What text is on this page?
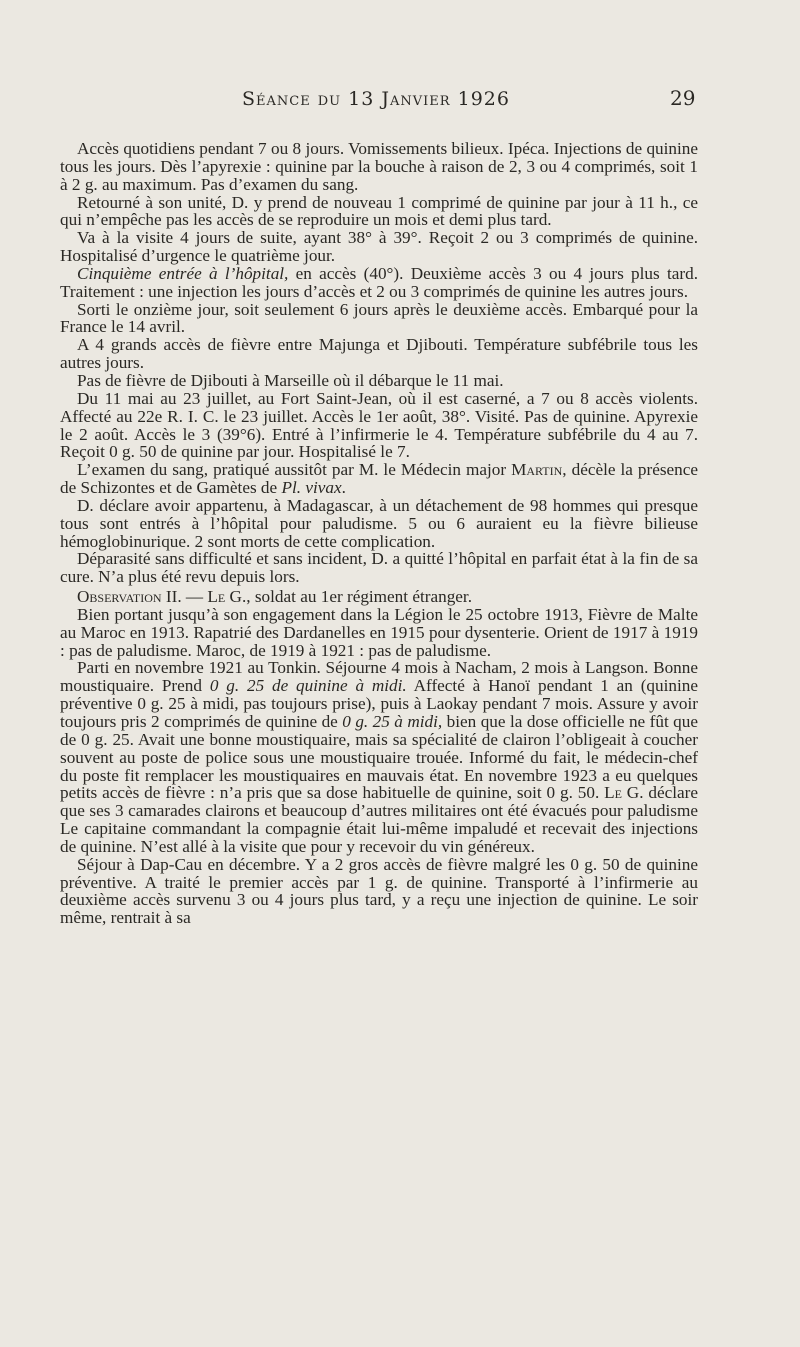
Séance du 13 Janvier 1926	29

Accès quotidiens pendant 7 ou 8 jours. Vomissements bilieux. Ipéca. Injections de quinine tous les jours. Dès l’apyrexie : quinine par la bouche à raison de 2, 3 ou 4 comprimés, soit 1 à 2 g. au maximum. Pas d’examen du sang.

Retourné à son unité, D. y prend de nouveau 1 comprimé de quinine par jour à 11 h., ce qui n’empêche pas les accès de se reproduire un mois et demi plus tard.

Va à la visite 4 jours de suite, ayant 38° à 39°. Reçoit 2 ou 3 comprimés de quinine. Hospitalisé d’urgence le quatrième jour.

Cinquième entrée à l’hôpital, en accès (40°). Deuxième accès 3 ou 4 jours plus tard. Traitement : une injection les jours d’accès et 2 ou 3 comprimés de quinine les autres jours.

Sorti le onzième jour, soit seulement 6 jours après le deuxième accès. Embarqué pour la France le 14 avril.

A 4 grands accès de fièvre entre Majunga et Djibouti. Température subfébrile tous les autres jours.

Pas de fièvre de Djibouti à Marseille où il débarque le 11 mai.

Du 11 mai au 23 juillet, au Fort Saint-Jean, où il est caserné, a 7 ou 8 accès violents. Affecté au 22e R. I. C. le 23 juillet. Accès le 1er août, 38°. Visité. Pas de quinine. Apyrexie le 2 août. Accès le 3 (39°6). Entré à l’infirmerie le 4. Température subfébrile du 4 au 7. Reçoit 0 g. 50 de quinine par jour. Hospitalisé le 7.

L’examen du sang, pratiqué aussitôt par M. le Médecin major Martin, décèle la présence de Schizontes et de Gamètes de Pl. vivax.

D. déclare avoir appartenu, à Madagascar, à un détachement de 98 hommes qui presque tous sont entrés à l’hôpital pour paludisme. 5 ou 6 auraient eu la fièvre bilieuse hémoglobinurique. 2 sont morts de cette complication.

Déparasité sans difficulté et sans incident, D. a quitté l’hôpital en parfait état à la fin de sa cure. N’a plus été revu depuis lors.

Observation II. — Le G., soldat au 1er régiment étranger.

Bien portant jusqu’à son engagement dans la Légion le 25 octobre 1913, Fièvre de Malte au Maroc en 1913. Rapatrié des Dardanelles en 1915 pour dysenterie. Orient de 1917 à 1919 : pas de paludisme. Maroc, de 1919 à 1921 : pas de paludisme.

Parti en novembre 1921 au Tonkin. Séjourne 4 mois à Nacham, 2 mois à Langson. Bonne moustiquaire. Prend 0 g. 25 de quinine à midi. Affecté à Hanoï pendant 1 an (quinine préventive 0 g. 25 à midi, pas toujours prise), puis à Laokay pendant 7 mois. Assure y avoir toujours pris 2 comprimés de quinine de 0 g. 25 à midi, bien que la dose officielle ne fût que de 0 g. 25. Avait une bonne moustiquaire, mais sa spécialité de clairon l’obligeait à coucher souvent au poste de police sous une moustiquaire trouée. Informé du fait, le médecin-chef du poste fit remplacer les moustiquaires en mauvais état. En novembre 1923 a eu quelques petits accès de fièvre : n’a pris que sa dose habituelle de quinine, soit 0 g. 50. Le G. déclare que ses 3 camarades clairons et beaucoup d’autres militaires ont été évacués pour paludisme Le capitaine commandant la compagnie était lui-même impaludé et recevait des injections de quinine. N’est allé à la visite que pour y recevoir du vin généreux.

Séjour à Dap-Cau en décembre. Y a 2 gros accès de fièvre malgré les 0 g. 50 de quinine préventive. A traité le premier accès par 1 g. de quinine. Transporté à l’infirmerie au deuxième accès survenu 3 ou 4 jours plus tard, y a reçu une injection de quinine. Le soir même, rentrait à sa
